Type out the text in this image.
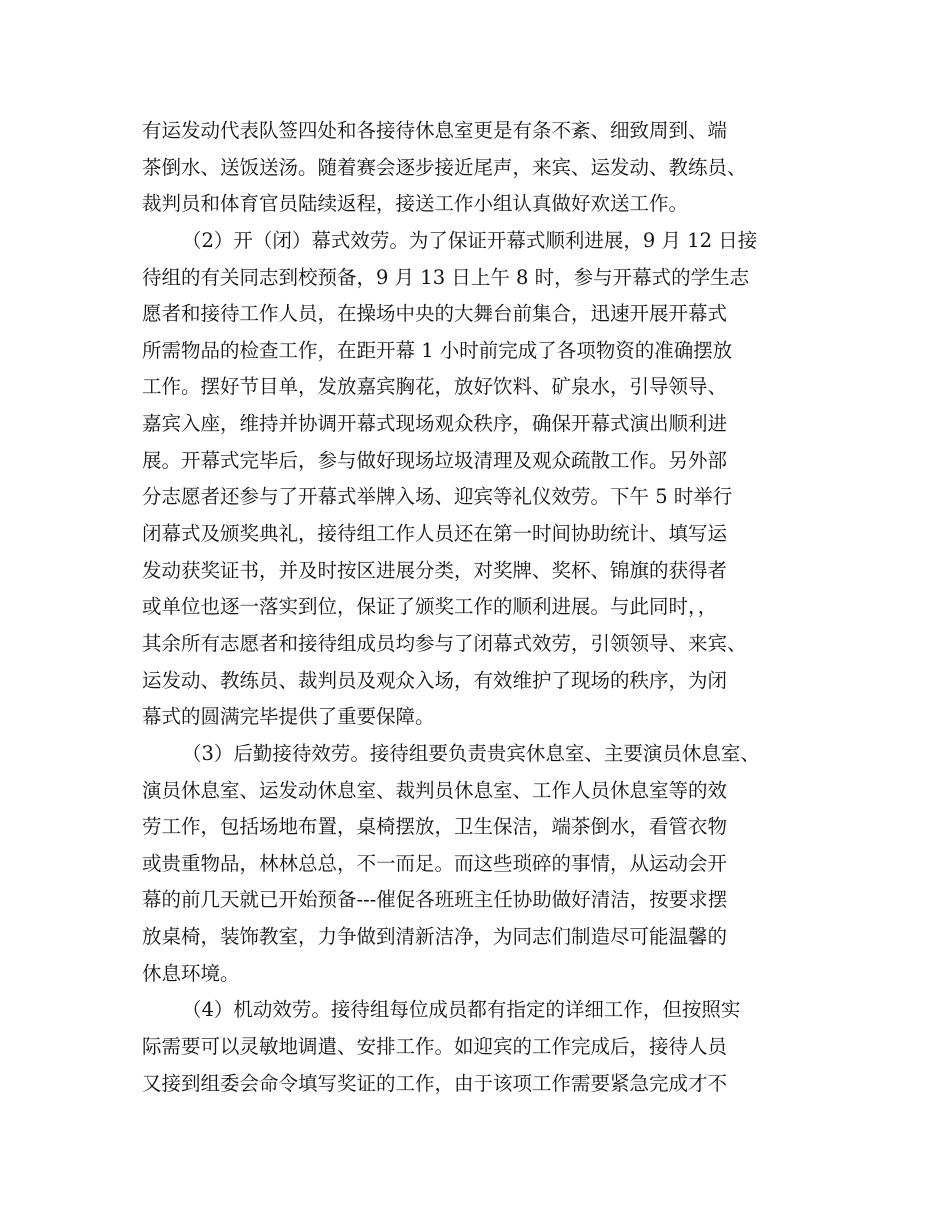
有运发动代表队签四处和各接待休息室更是有条不紊、细致周到、端
茶倒水、送饭送汤。随着赛会逐步接近尾声，来宾、运发动、教练员、
裁判员和体育官员陆续返程，接送工作小组认真做好欢送工作。
（2）开（闭）幕式效劳。为了保证开幕式顺利进展，9 月 12 日接
待组的有关同志到校预备，9 月 13 日上午 8 时，参与开幕式的学生志
愿者和接待工作人员，在操场中央的大舞台前集合，迅速开展开幕式
所需物品的检查工作，在距开幕 1 小时前完成了各项物资的准确摆放
工作。摆好节目单，发放嘉宾胸花，放好饮料、矿泉水，引导领导、
嘉宾入座，维持并协调开幕式现场观众秩序，确保开幕式演出顺利进
展。开幕式完毕后，参与做好现场垃圾清理及观众疏散工作。另外部
分志愿者还参与了开幕式举牌入场、迎宾等礼仪效劳。下午 5 时举行
闭幕式及颁奖典礼，接待组工作人员还在第一时间协助统计、填写运
发动获奖证书，并及时按区进展分类，对奖牌、奖杯、锦旗的获得者
或单位也逐一落实到位，保证了颁奖工作的顺利进展。与此同时，，
其余所有志愿者和接待组成员均参与了闭幕式效劳，引领领导、来宾、
运发动、教练员、裁判员及观众入场，有效维护了现场的秩序，为闭
幕式的圆满完毕提供了重要保障。
（3）后勤接待效劳。接待组要负责贵宾休息室、主要演员休息室、
演员休息室、运发动休息室、裁判员休息室、工作人员休息室等的效
劳工作，包括场地布置，桌椅摆放，卫生保洁，端茶倒水，看管衣物
或贵重物品，林林总总，不一而足。而这些琐碎的事情，从运动会开
幕的前几天就已开始预备---催促各班班主任协助做好清洁，按要求摆
放桌椅，装饰教室，力争做到清新洁净，为同志们制造尽可能温馨的
休息环境。
（4）机动效劳。接待组每位成员都有指定的详细工作，但按照实
际需要可以灵敏地调遣、安排工作。如迎宾的工作完成后，接待人员
又接到组委会命令填写奖证的工作，由于该项工作需要紧急完成才不
